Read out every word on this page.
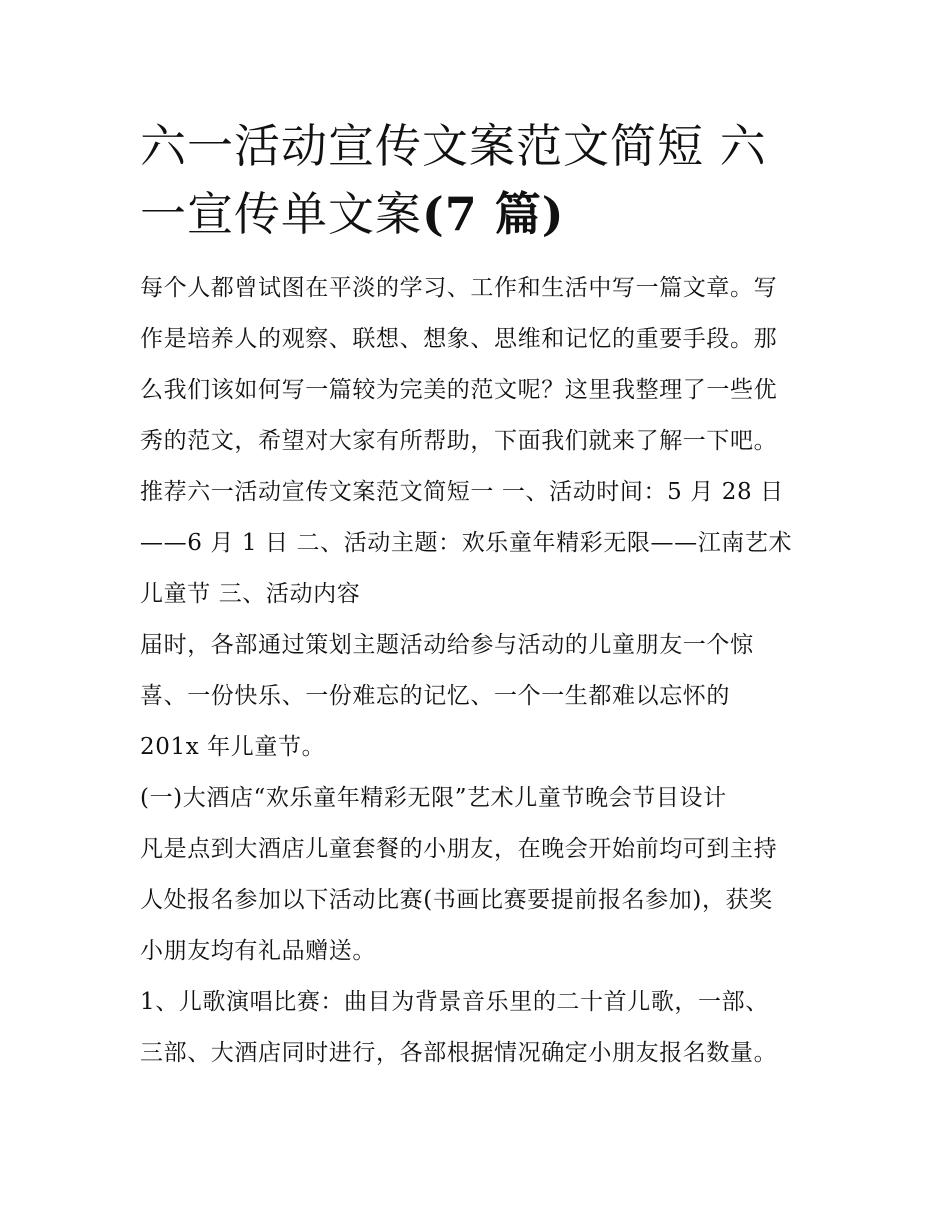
六一活动宣传文案范文简短 六
一宣传单文案(7 篇)

每个人都曾试图在平淡的学习、工作和生活中写一篇文章。写
作是培养人的观察、联想、想象、思维和记忆的重要手段。那
么我们该如何写一篇较为完美的范文呢？这里我整理了一些优
秀的范文，希望对大家有所帮助，下面我们就来了解一下吧。

推荐六一活动宣传文案范文简短一 一、活动时间：5 月 28 日
——6 月 1 日 二、活动主题：欢乐童年精彩无限——江南艺术
儿童节 三、活动内容

届时，各部通过策划主题活动给参与活动的儿童朋友一个惊
喜、一份快乐、一份难忘的记忆、一个一生都难以忘怀的
201x 年儿童节。

(一)大酒店“欢乐童年精彩无限”艺术儿童节晚会节目设计

凡是点到大酒店儿童套餐的小朋友，在晚会开始前均可到主持
人处报名参加以下活动比赛(书画比赛要提前报名参加)，获奖
小朋友均有礼品赠送。

1、儿歌演唱比赛：曲目为背景音乐里的二十首儿歌，一部、
三部、大酒店同时进行，各部根据情况确定小朋友报名数量。
